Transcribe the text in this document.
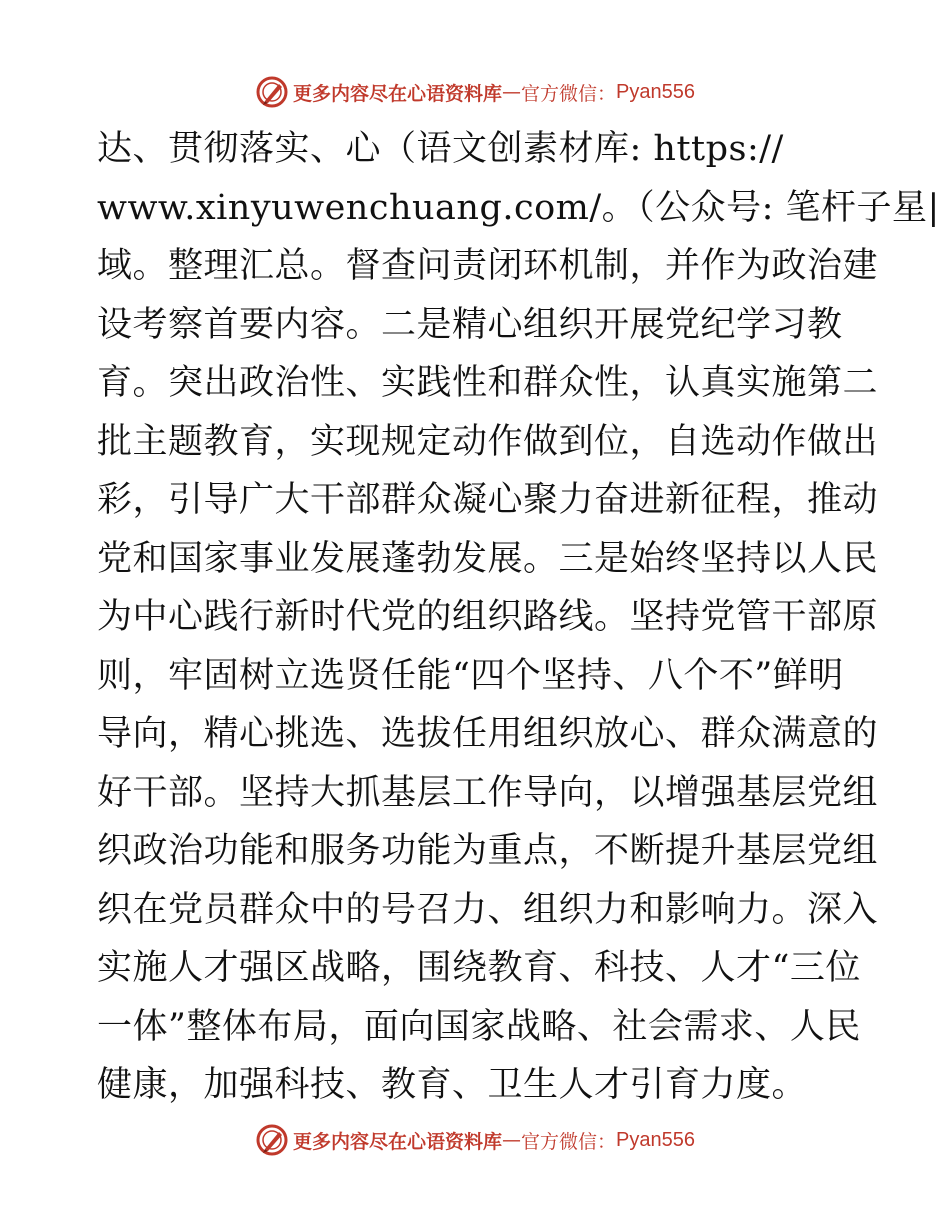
更多内容尽在心语资料库 — 官方微信： Pyan556
达、贯彻落实、心（语文创素材库: https://
www.xinyuwenchuang.com/。（公众号: 笔杆子星|
域。整理汇总。督查问责闭环机制，并作为政治建
设考察首要内容。二是精心组织开展党纪学习教
育。突出政治性、实践性和群众性，认真实施第二
批主题教育，实现规定动作做到位，自选动作做出
彩，引导广大干部群众凝心聚力奋进新征程，推动
党和国家事业发展蓬勃发展。三是始终坚持以人民
为中心践行新时代党的组织路线。坚持党管干部原
则，牢固树立选贤任能“四个坚持、八个不”鲜明
导向，精心挑选、选拔任用组织放心、群众满意的
好干部。坚持大抓基层工作导向，以增强基层党组
织政治功能和服务功能为重点，不断提升基层党组
织在党员群众中的号召力、组织力和影响力。深入
实施人才强区战略，围绕教育、科技、人才“三位
一体”整体布局，面向国家战略、社会需求、人民
健康，加强科技、教育、卫生人才引育力度。
更多内容尽在心语资料库 — 官方微信： Pyan556
